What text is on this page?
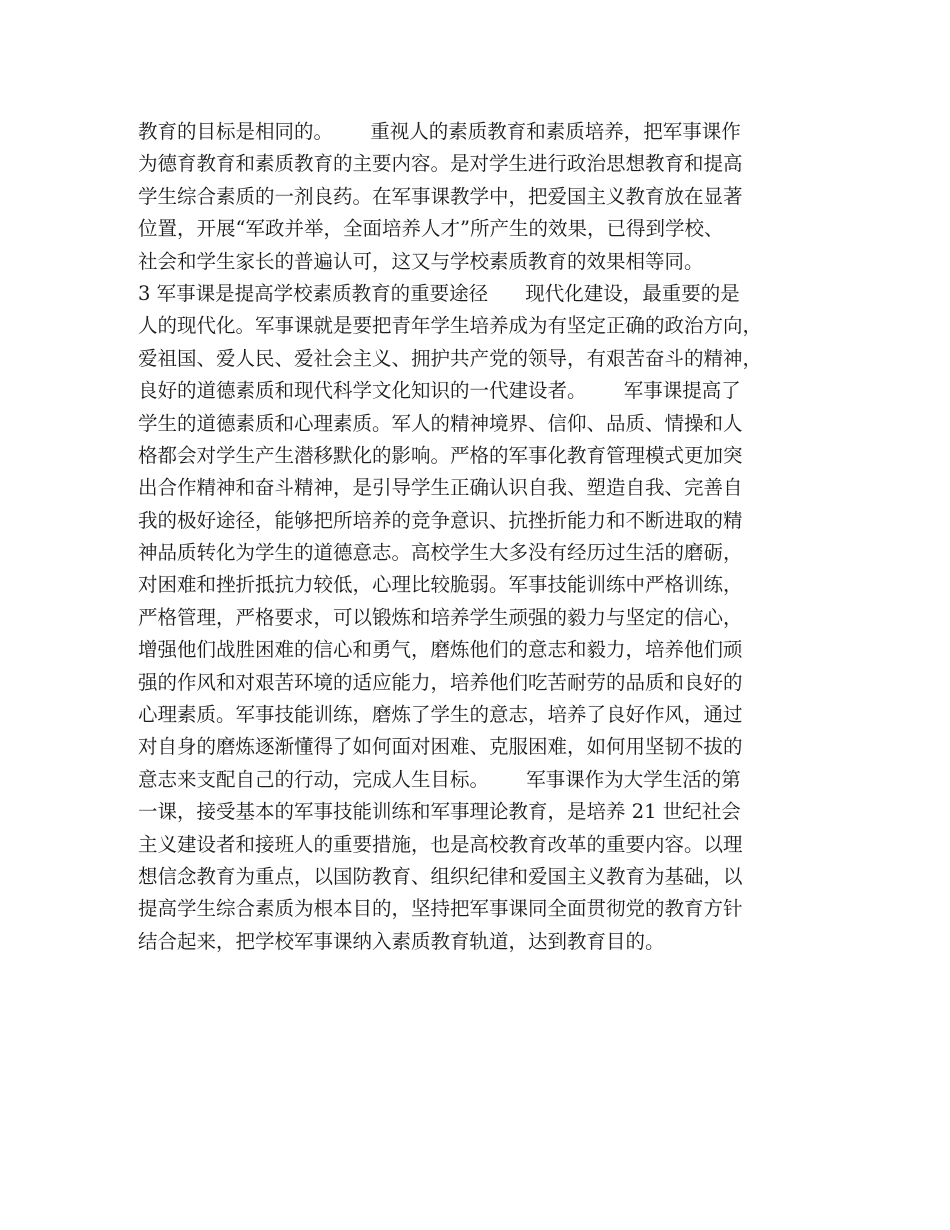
教育的目标是相同的。      重视人的素质教育和素质培养，把军事课作
为德育教育和素质教育的主要内容。是对学生进行政治思想教育和提高
学生综合素质的一剂良药。在军事课教学中，把爱国主义教育放在显著
位置，开展“军政并举，全面培养人才”所产生的效果，已得到学校、
社会和学生家长的普遍认可，这又与学校素质教育的效果相等同。
3 军事课是提高学校素质教育的重要途径      现代化建设，最重要的是
人的现代化。军事课就是要把青年学生培养成为有坚定正确的政治方向，
爱祖国、爱人民、爱社会主义、拥护共产党的领导，有艰苦奋斗的精神，
良好的道德素质和现代科学文化知识的一代建设者。      军事课提高了
学生的道德素质和心理素质。军人的精神境界、信仰、品质、情操和人
格都会对学生产生潜移默化的影响。严格的军事化教育管理模式更加突
出合作精神和奋斗精神，是引导学生正确认识自我、塑造自我、完善自
我的极好途径，能够把所培养的竞争意识、抗挫折能力和不断进取的精
神品质转化为学生的道德意志。高校学生大多没有经历过生活的磨砺，
对困难和挫折抵抗力较低，心理比较脆弱。军事技能训练中严格训练，
严格管理，严格要求，可以锻炼和培养学生顽强的毅力与坚定的信心，
增强他们战胜困难的信心和勇气，磨炼他们的意志和毅力，培养他们顽
强的作风和对艰苦环境的适应能力，培养他们吃苦耐劳的品质和良好的
心理素质。军事技能训练，磨炼了学生的意志，培养了良好作风，通过
对自身的磨炼逐渐懂得了如何面对困难、克服困难，如何用坚韧不拔的
意志来支配自己的行动，完成人生目标。      军事课作为大学生活的第
一课，接受基本的军事技能训练和军事理论教育，是培养 21 世纪社会
主义建设者和接班人的重要措施，也是高校教育改革的重要内容。以理
想信念教育为重点，以国防教育、组织纪律和爱国主义教育为基础，以
提高学生综合素质为根本目的，坚持把军事课同全面贯彻党的教育方针
结合起来，把学校军事课纳入素质教育轨道，达到教育目的。
